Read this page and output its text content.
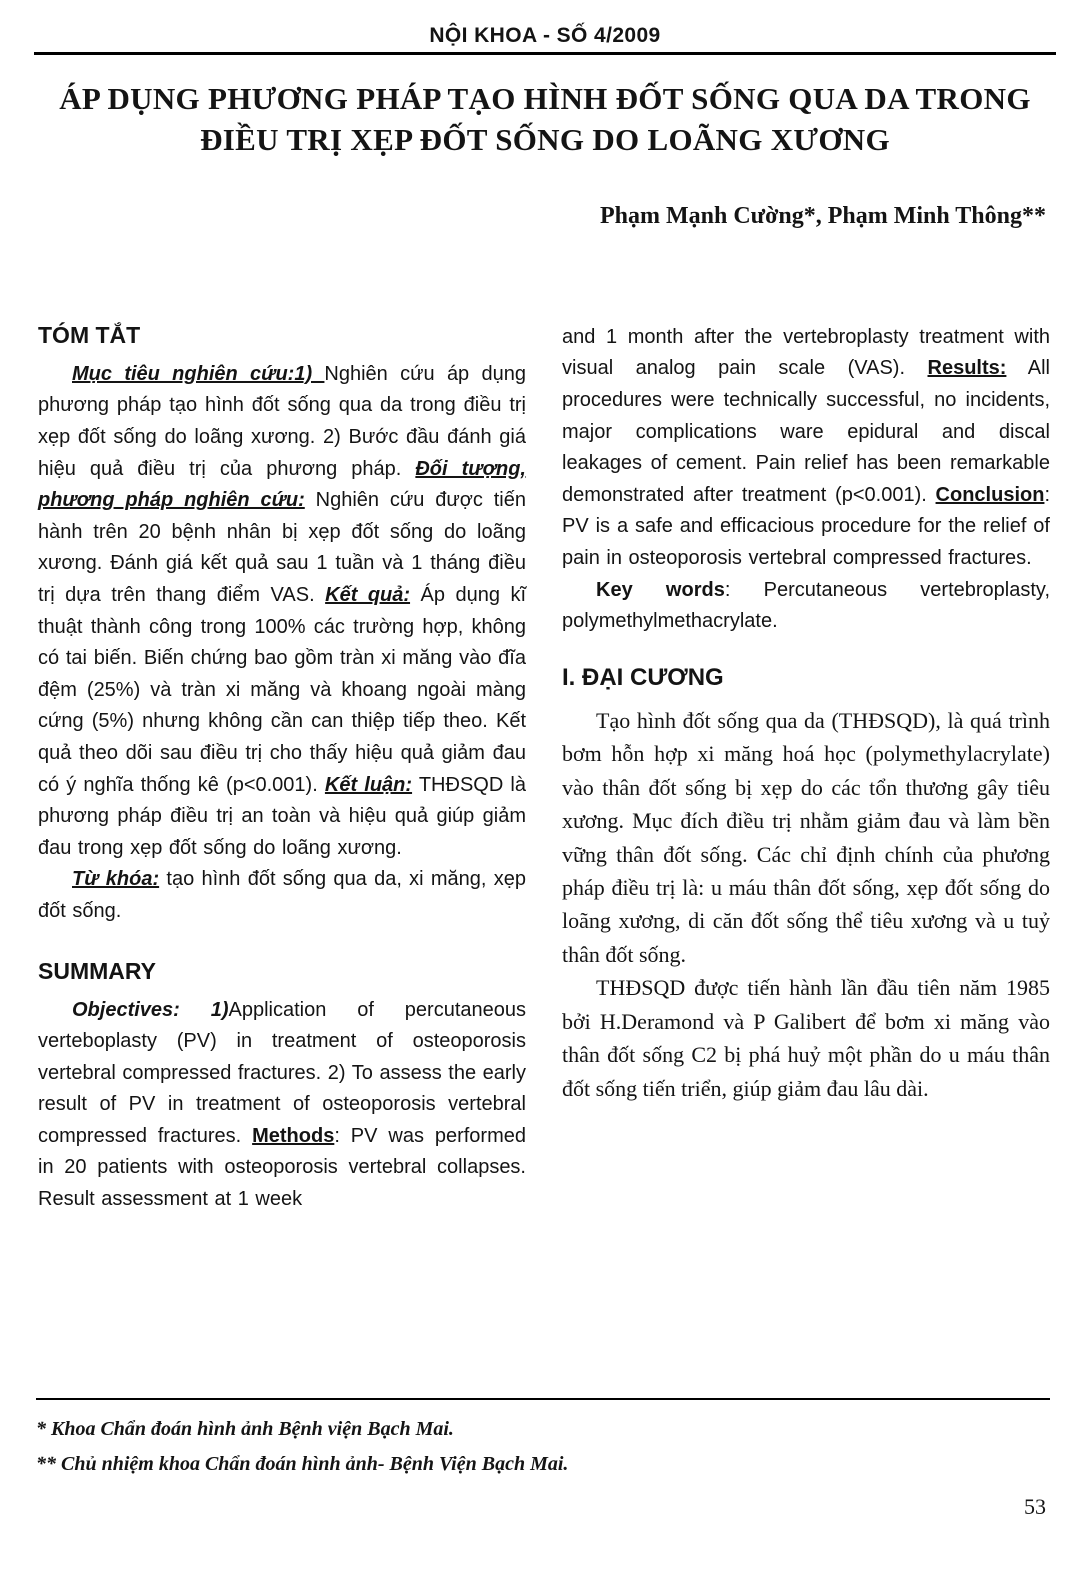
NỘI KHOA - SỐ 4/2009
ÁP DỤNG PHƯƠNG PHÁP TẠO HÌNH ĐỐT SỐNG QUA DA TRONG
ĐIỀU TRỊ XẸP ĐỐT SỐNG DO LOÃNG XƯƠNG
Phạm Mạnh Cường*, Phạm Minh Thông**
TÓM TẮT

Mục tiêu nghiên cứu:1) Nghiên cứu áp dụng phương pháp tạo hình đốt sống qua da trong điều trị xẹp đốt sống do loãng xương. 2) Bước đầu đánh giá hiệu quả điều trị của phương pháp. Đối tượng, phương pháp nghiên cứu: Nghiên cứu được tiến hành trên 20 bệnh nhân bị xẹp đốt sống do loãng xương. Đánh giá kết quả sau 1 tuần và 1 tháng điều trị dựa trên thang điểm VAS. Kết quả: Áp dụng kĩ thuật thành công trong 100% các trường hợp, không có tai biến. Biến chứng bao gồm tràn xi măng vào đĩa đệm (25%) và tràn xi măng và khoang ngoài màng cứng (5%) nhưng không cần can thiệp tiếp theo. Kết quả theo dõi sau điều trị cho thấy hiệu quả giảm đau có ý nghĩa thống kê (p<0.001). Kết luận: THĐSQD là phương pháp điều trị an toàn và hiệu quả giúp giảm đau trong xẹp đốt sống do loãng xương.

Từ khóa: tạo hình đốt sống qua da, xi măng, xẹp đốt sống.

SUMMARY

Objectives: 1)Application of percutaneous verteboplasty (PV) in treatment of osteoporosis vertebral compressed fractures. 2) To assess the early result of PV in treatment of osteoporosis vertebral compressed fractures. Methods: PV was performed in 20 patients with osteoporosis vertebral collapses. Result assessment at 1 week

and 1 month after the vertebroplasty treatment with visual analog pain scale (VAS). Results: All procedures were technically successful, no incidents, major complications ware epidural and discal leakages of cement. Pain relief has been remarkable demonstrated after treatment (p<0.001). Conclusion: PV is a safe and efficacious procedure for the relief of pain in osteoporosis vertebral compressed fractures.

Key words: Percutaneous vertebroplasty, polymethylmethacrylate.

I. ĐẠI CƯƠNG

Tạo hình đốt sống qua da (THĐSQD), là quá trình bơm hỗn hợp xi măng hoá học (polymethylacrylate) vào thân đốt sống bị xẹp do các tổn thương gây tiêu xương. Mục đích điều trị nhằm giảm đau và làm bền vững thân đốt sống. Các chỉ định chính của phương pháp điều trị là: u máu thân đốt sống, xẹp đốt sống do loãng xương, di căn đốt sống thể tiêu xương và u tuỷ thân đốt sống.

THĐSQD được tiến hành lần đầu tiên năm 1985 bởi H.Deramond và P Galibert để bơm xi măng vào thân đốt sống C2 bị phá huỷ một phần do u máu thân đốt sống tiến triển, giúp giảm đau lâu dài.

* Khoa Chẩn đoán hình ảnh Bệnh viện Bạch Mai.
** Chủ nhiệm khoa Chẩn đoán hình ảnh- Bệnh Viện Bạch Mai.
53
